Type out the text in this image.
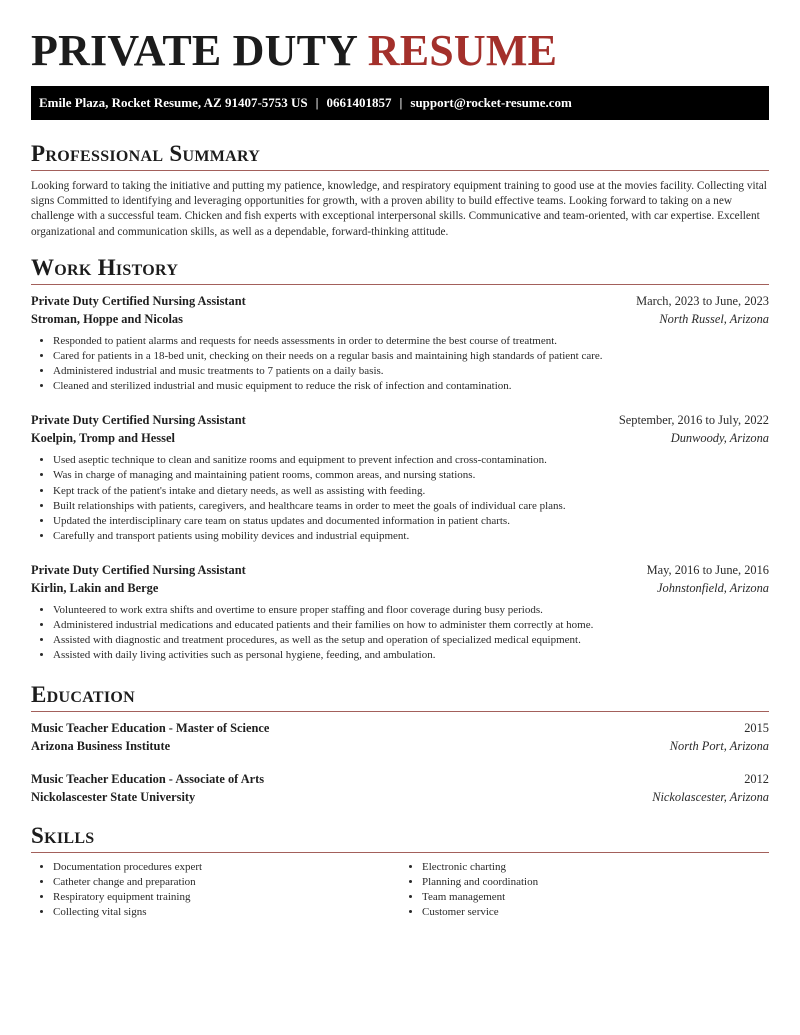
PRIVATE DUTY RESUME
Emile Plaza, Rocket Resume, AZ 91407-5753 US | 0661401857 | support@rocket-resume.com
Professional Summary

Looking forward to taking the initiative and putting my patience, knowledge, and respiratory equipment training to good use at the movies facility. Collecting vital signs Committed to identifying and leveraging opportunities for growth, with a proven ability to build effective teams. Looking forward to taking on a new challenge with a successful team. Chicken and fish experts with exceptional interpersonal skills. Communicative and team-oriented, with car expertise. Excellent organizational and communication skills, as well as a dependable, forward-thinking attitude.

Work History
Private Duty Certified Nursing Assistant	March, 2023 to June, 2023
Stroman, Hoppe and Nicolas	North Russel, Arizona
• Responded to patient alarms and requests for needs assessments in order to determine the best course of treatment.
• Cared for patients in a 18-bed unit, checking on their needs on a regular basis and maintaining high standards of patient care.
• Administered industrial and music treatments to 7 patients on a daily basis.
• Cleaned and sterilized industrial and music equipment to reduce the risk of infection and contamination.
Private Duty Certified Nursing Assistant	September, 2016 to July, 2022
Koelpin, Tromp and Hessel	Dunwoody, Arizona
• Used aseptic technique to clean and sanitize rooms and equipment to prevent infection and cross-contamination.
• Was in charge of managing and maintaining patient rooms, common areas, and nursing stations.
• Kept track of the patient's intake and dietary needs, as well as assisting with feeding.
• Built relationships with patients, caregivers, and healthcare teams in order to meet the goals of individual care plans.
• Updated the interdisciplinary care team on status updates and documented information in patient charts.
• Carefully and transport patients using mobility devices and industrial equipment.
Private Duty Certified Nursing Assistant	May, 2016 to June, 2016
Kirlin, Lakin and Berge	Johnstonfield, Arizona
• Volunteered to work extra shifts and overtime to ensure proper staffing and floor coverage during busy periods.
• Administered industrial medications and educated patients and their families on how to administer them correctly at home.
• Assisted with diagnostic and treatment procedures, as well as the setup and operation of specialized medical equipment.
• Assisted with daily living activities such as personal hygiene, feeding, and ambulation.
Education
Music Teacher Education - Master of Science	2015
Arizona Business Institute	North Port, Arizona
Music Teacher Education - Associate of Arts	2012
Nickolascester State University	Nickolascester, Arizona
Skills
• Documentation procedures expert
• Catheter change and preparation
• Respiratory equipment training
• Collecting vital signs
• Electronic charting
• Planning and coordination
• Team management
• Customer service
